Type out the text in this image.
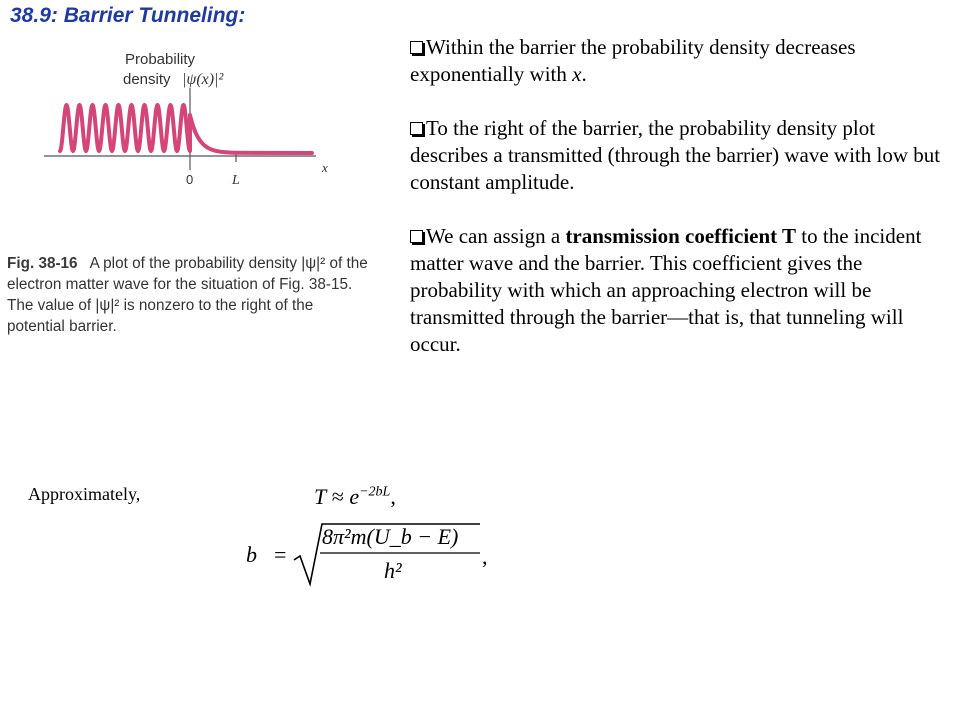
38.9: Barrier Tunneling:
Probability
density |ψ(x)|²
x
0	L
Fig. 38-16 A plot of the probability density |ψ|² of the electron matter wave for the situation of Fig. 38-15. The value of |ψ|² is nonzero to the right of the potential barrier.
Within the barrier the probability density decreases exponentially with x.
To the right of the barrier, the probability density plot describes a transmitted (through the barrier) wave with low but constant amplitude.
We can assign a transmission coefficient T to the incident matter wave and the barrier. This coefficient gives the probability with which an approaching electron will be transmitted through the barrier—that is, that tunneling will occur.
Approximately,	$T \approx e^{-2bL}$,
b =
8π²m(U_b − E)
h²
,
